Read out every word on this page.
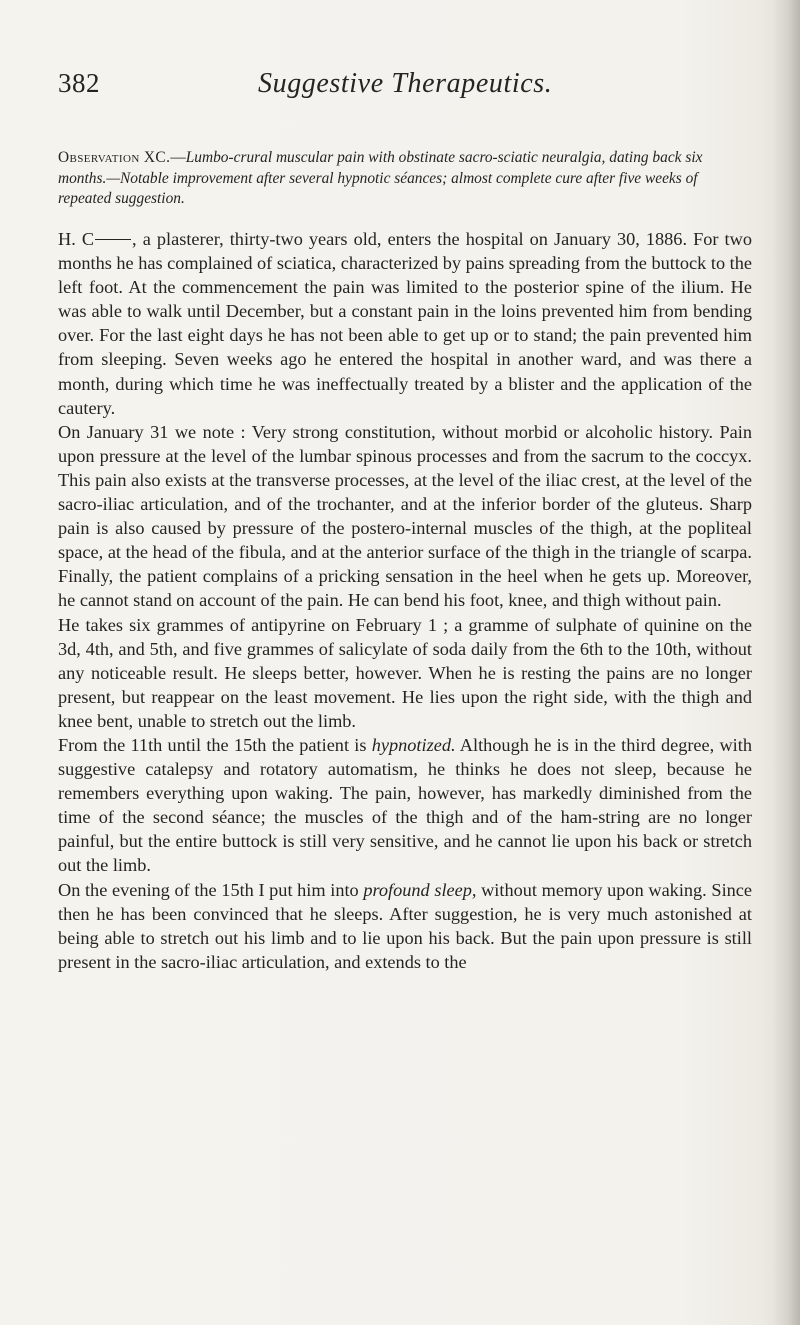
382	Suggestive Therapeutics.
Observation XC.—Lumbo-crural muscular pain with obstinate sacro-sciatic neuralgia, dating back six months.—Notable improvement after several hypnotic séances; almost complete cure after five weeks of repeated suggestion.

H. C , a plasterer, thirty-two years old, enters the hospital on January 30, 1886. For two months he has complained of sciatica, characterized by pains spreading from the buttock to the left foot. At the commencement the pain was limited to the posterior spine of the ilium. He was able to walk until December, but a constant pain in the loins prevented him from bending over. For the last eight days he has not been able to get up or to stand; the pain prevented him from sleeping. Seven weeks ago he entered the hospital in another ward, and was there a month, during which time he was ineffectually treated by a blister and the application of the cautery.

On January 31 we note : Very strong constitution, without morbid or alcoholic history. Pain upon pressure at the level of the lumbar spinous processes and from the sacrum to the coccyx. This pain also exists at the transverse processes, at the level of the iliac crest, at the level of the sacro-iliac articulation, and of the trochanter, and at the inferior border of the gluteus. Sharp pain is also caused by pressure of the postero-internal muscles of the thigh, at the popliteal space, at the head of the fibula, and at the anterior surface of the thigh in the triangle of scarpa. Finally, the patient complains of a pricking sensation in the heel when he gets up. Moreover, he cannot stand on account of the pain. He can bend his foot, knee, and thigh without pain.

He takes six grammes of antipyrine on February 1 ; a gramme of sulphate of quinine on the 3d, 4th, and 5th, and five grammes of salicylate of soda daily from the 6th to the 10th, without any noticeable result. He sleeps better, however. When he is resting the pains are no longer present, but reappear on the least movement. He lies upon the right side, with the thigh and knee bent, unable to stretch out the limb.

From the 11th until the 15th the patient is hypnotized. Although he is in the third degree, with suggestive catalepsy and rotatory automatism, he thinks he does not sleep, because he remembers everything upon waking. The pain, however, has markedly diminished from the time of the second séance; the muscles of the thigh and of the ham-string are no longer painful, but the entire buttock is still very sensitive, and he cannot lie upon his back or stretch out the limb.

On the evening of the 15th I put him into profound sleep, without memory upon waking. Since then he has been convinced that he sleeps. After suggestion, he is very much astonished at being able to stretch out his limb and to lie upon his back. But the pain upon pressure is still present in the sacro-iliac articulation, and extends to the
